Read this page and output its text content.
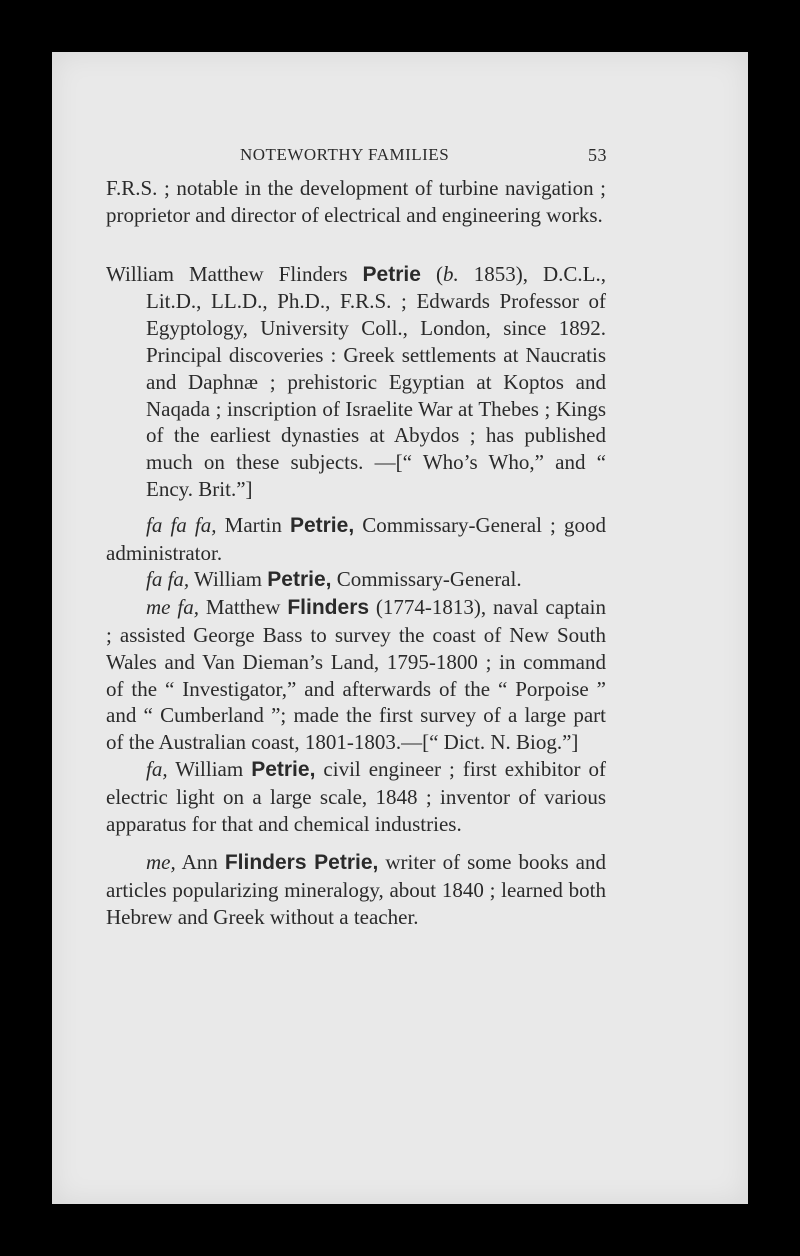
NOTEWORTHY FAMILIES	53

F.R.S. ; notable in the development of turbine navigation ; proprietor and director of electrical and engineering works.

William Matthew Flinders Petrie (b. 1853), D.C.L., Lit.D., LL.D., Ph.D., F.R.S. ; Edwards Professor of Egyptology, University Coll., London, since 1892. Principal discoveries : Greek settlements at Naucratis and Daphnæ ; prehistoric Egyptian at Koptos and Naqada ; inscription of Israelite War at Thebes ; Kings of the earliest dynasties at Abydos ; has published much on these subjects. —[“ Who’s Who,” and “ Ency. Brit.”]

fa fa fa, Martin Petrie, Commissary-General ; good administrator.

fa fa, William Petrie, Commissary-General.

me fa, Matthew Flinders (1774-1813), naval captain ; assisted George Bass to survey the coast of New South Wales and Van Dieman’s Land, 1795-1800 ; in command of the “ Investigator,” and afterwards of the “ Porpoise ” and “ Cumberland ”; made the first survey of a large part of the Australian coast, 1801-1803.—[“ Dict. N. Biog.”]

fa, William Petrie, civil engineer ; first exhibitor of electric light on a large scale, 1848 ; inventor of various apparatus for that and chemical industries.

me, Ann Flinders Petrie, writer of some books and articles popularizing mineralogy, about 1840 ; learned both Hebrew and Greek without a teacher.
